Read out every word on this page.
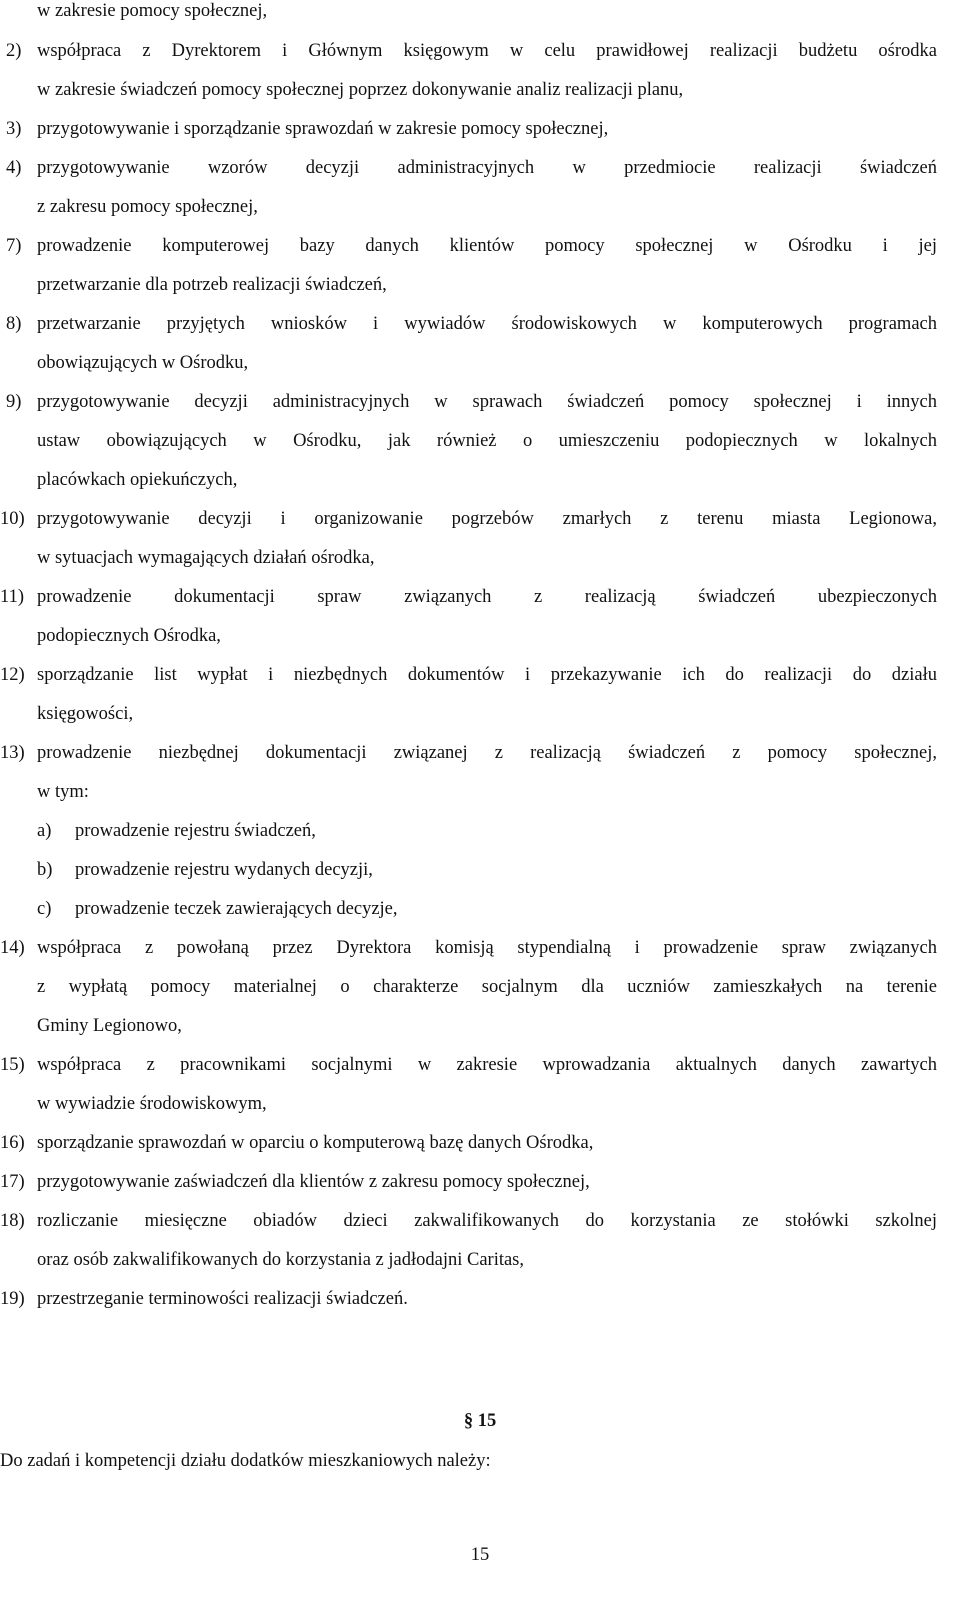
w zakresie pomocy społecznej,
2) współpraca z Dyrektorem i Głównym księgowym w celu prawidłowej realizacji budżetu ośrodka
w zakresie świadczeń pomocy społecznej poprzez dokonywanie analiz realizacji planu,
3) przygotowywanie i sporządzanie sprawozdań w zakresie pomocy społecznej,
4) przygotowywanie wzorów decyzji administracyjnych w przedmiocie realizacji świadczeń
z zakresu pomocy społecznej,
7) prowadzenie komputerowej bazy danych klientów pomocy społecznej w Ośrodku i jej
przetwarzanie dla potrzeb realizacji świadczeń,
8) przetwarzanie przyjętych wniosków i wywiadów środowiskowych w komputerowych programach
obowiązujących w Ośrodku,
9) przygotowywanie decyzji administracyjnych w sprawach świadczeń pomocy społecznej i innych
ustaw obowiązujących w Ośrodku, jak również o umieszczeniu podopiecznych w lokalnych
placówkach opiekuńczych,
10) przygotowywanie decyzji i organizowanie pogrzebów zmarłych z terenu miasta Legionowa,
w sytuacjach wymagających działań ośrodka,
11) prowadzenie dokumentacji spraw związanych z realizacją świadczeń ubezpieczonych
podopiecznych Ośrodka,
12) sporządzanie list wypłat i niezbędnych dokumentów i przekazywanie ich do realizacji do działu
księgowości,
13) prowadzenie niezbędnej dokumentacji związanej z realizacją świadczeń z pomocy społecznej,
w tym:
a) prowadzenie rejestru świadczeń,
b) prowadzenie rejestru wydanych decyzji,
c) prowadzenie teczek zawierających decyzje,
14) współpraca z powołaną przez Dyrektora komisją stypendialną i prowadzenie spraw związanych
z wypłatą pomocy materialnej o charakterze socjalnym dla uczniów zamieszkałych na terenie
Gminy Legionowo,
15) współpraca z pracownikami socjalnymi w zakresie wprowadzania aktualnych danych zawartych
w wywiadzie środowiskowym,
16) sporządzanie sprawozdań w oparciu o komputerową bazę danych Ośrodka,
17) przygotowywanie zaświadczeń dla klientów z zakresu pomocy społecznej,
18) rozliczanie miesięczne obiadów dzieci zakwalifikowanych do korzystania ze stołówki szkolnej
oraz osób zakwalifikowanych do korzystania z jadłodajni Caritas,
19) przestrzeganie terminowości realizacji świadczeń.
§ 15
Do zadań i kompetencji działu dodatków mieszkaniowych należy:
15
